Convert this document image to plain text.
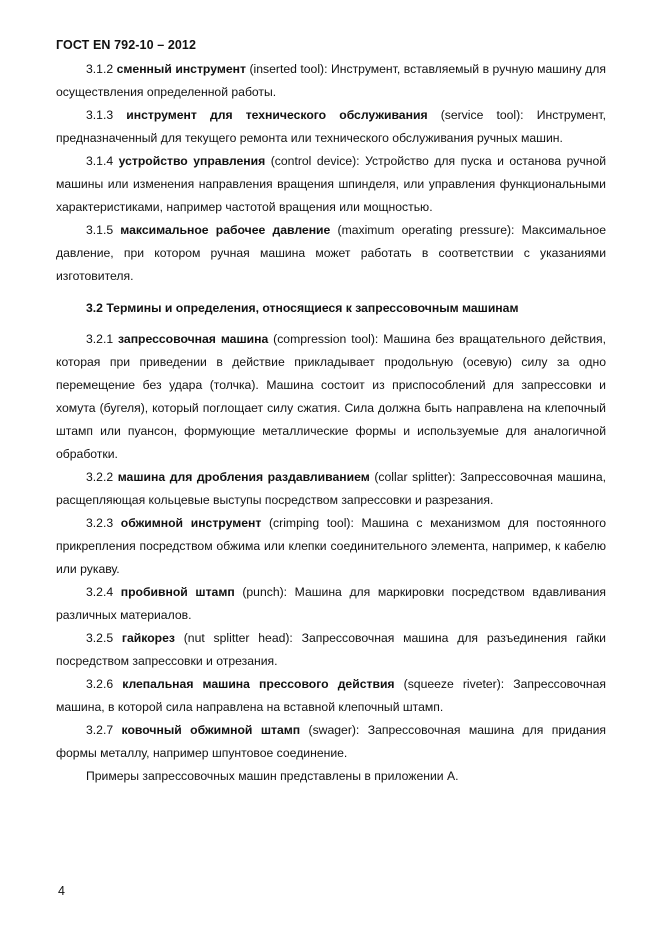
ГОСТ EN 792-10 – 2012

3.1.2 сменный инструмент (inserted tool): Инструмент, вставляемый в ручную машину для осуществления определенной работы.

3.1.3 инструмент для технического обслуживания (service tool): Инструмент, предназначенный для текущего ремонта или технического обслуживания ручных машин.

3.1.4 устройство управления (control device): Устройство для пуска и останова ручной машины или изменения направления вращения шпинделя, или управления функциональными характеристиками, например частотой вращения или мощностью.

3.1.5 максимальное рабочее давление (maximum operating pressure): Максимальное давление, при котором ручная машина может работать в соответствии с указаниями изготовителя.

3.2 Термины и определения, относящиеся к запрессовочным машинам

3.2.1 запрессовочная машина (compression tool): Машина без вращательного действия, которая при приведении в действие прикладывает продольную (осевую) силу за одно перемещение без удара (толчка). Машина состоит из приспособлений для запрессовки и хомута (бугеля), который поглощает силу сжатия. Сила должна быть направлена на клепочный штамп или пуансон, формующие металлические формы и используемые для аналогичной обработки.

3.2.2 машина для дробления раздавливанием (collar splitter): Запрессовочная машина, расщепляющая кольцевые выступы посредством запрессовки и разрезания.

3.2.3 обжимной инструмент (crimping tool): Машина с механизмом для постоянного прикрепления посредством обжима или клепки соединительного элемента, например, к кабелю или рукаву.

3.2.4 пробивной штамп (punch): Машина для маркировки посредством вдавливания различных материалов.

3.2.5 гайкорез (nut splitter head): Запрессовочная машина для разъединения гайки посредством запрессовки и отрезания.

3.2.6 клепальная машина прессового действия (squeeze riveter): Запрессовочная машина, в которой сила направлена на вставной клепочный штамп.

3.2.7 ковочный обжимной штамп (swager): Запрессовочная машина для придания формы металлу, например шпунтовое соединение.

Примеры запрессовочных машин представлены в приложении А.

4
